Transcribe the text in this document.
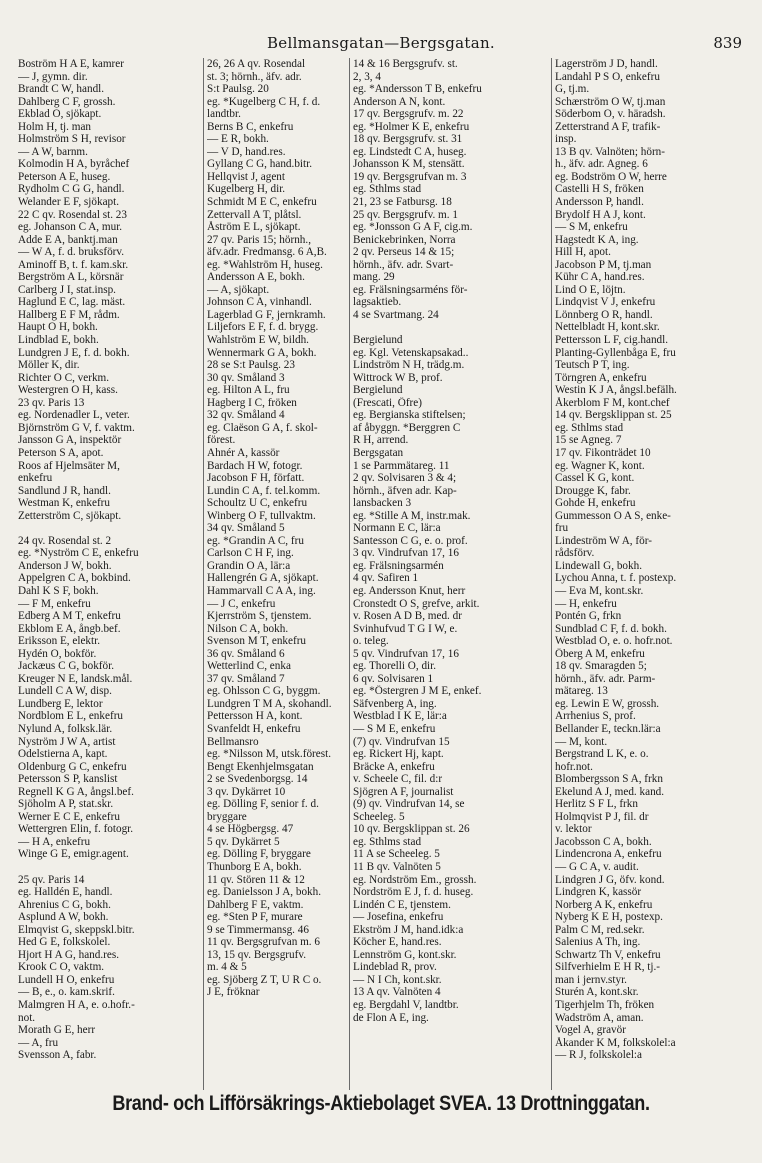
Bellmansgatan—Bergsgatan.	839
Boström H A E, kamrer
— J, gymn. dir.
Brandt C W, handl.
Dahlberg C F, grossh.
Ekblad O, sjökapt.
Holm H, tj. man
Holmström S H, revisor
— A W, barnm.
Kolmodin H A, byråchef
Peterson A E, huseg.
Rydholm C G G, handl.
Welander E F, sjökapt.
22 C qv. Rosendal st. 23
eg. Johanson C A, mur.
Adde E A, banktj.man
— W A, f. d. bruksförv.
Aminoff B, t. f. kam.skr.
Bergström A L, körsnär
Carlberg J I, stat.insp.
Haglund E C, lag. mäst.
Hallberg E F M, rådm.
Haupt O H, bokh.
Lindblad E, bokh.
Lundgren J E, f. d. bokh.
Möller K, dir.
Richter O C, verkm.
Westergren O H, kass.
23 qv. Paris 13
eg. Nordenadler L, veter.
Björnström G V, f. vaktm.
Jansson G A, inspektör
Peterson S A, apot.
Roos af Hjelmsäter M,
enkefru
Sandlund J R, handl.
Westman K, enkefru
Zetterström C, sjökapt.
24 qv. Rosendal st. 2
eg. *Nyström C E, enkefru
Anderson J W, bokh.
Appelgren C A, bokbind.
Dahl K S F, bokh.
— F M, enkefru
Edberg A M T, enkefru
Ekblom E A, ångb.bef.
Eriksson E, elektr.
Hydén O, bokför.
Jackæus C G, bokför.
Kreuger N E, landsk.mål.
Lundell C A W, disp.
Lundberg E, lektor
Nordblom E L, enkefru
Nylund A, folksk.lär.
Nyström J W A, artist
Odelstierna A, kapt.
Oldenburg G C, enkefru
Petersson S P, kanslist
Regnell K G A, ångsl.bef.
Sjöholm A P, stat.skr.
Werner E C E, enkefru
Wettergren Elin, f. fotogr.
— H A, enkefru
Winge G E, emigr.agent.
25 qv. Paris 14
eg. Halldén E, handl.
Ahrenius C G, bokh.
Asplund A W, bokh.
Elmqvist G, skeppskl.bitr.
Hed G E, folkskolel.
Hjort H A G, hand.res.
Krook C O, vaktm.
Lundell H O, enkefru
— B, e., o. kam.skrif.
Malmgren H A, e. o.hofr.-
not.
Morath G E, herr
— A, fru
Svensson A, fabr.
26, 26 A qv. Rosendal
st. 3; hörnh., äfv. adr.
S:t Paulsg. 20
eg. *Kugelberg C H, f. d.
landtbr.
Berns B C, enkefru
— E R, bokh.
— V D, hand.res.
Gyllang C G, hand.bitr.
Hellqvist J, agent
Kugelberg H, dir.
Schmidt M E C, enkefru
Zettervall A T, plåtsl.
Åström E L, sjökapt.
27 qv. Paris 15; hörnh.,
äfv.adr. Fredmansg. 6 A,B.
eg. *Wahlström H, huseg.
Andersson A E, bokh.
— A, sjökapt.
Johnson C A, vinhandl.
Lagerblad G F, jernkramh.
Liljefors E F, f. d. brygg.
Wahlström E W, bildh.
Wennermark G A, bokh.
28 se S:t Paulsg. 23
30 qv. Småland 3
eg. Hilton A L, fru
Hagberg I C, fröken
32 qv. Småland 4
eg. Claëson G A, f. skol-
förest.
Ahnér A, kassör
Bardach H W, fotogr.
Jacobson F H, författ.
Lundin C A, f. tel.komm.
Schoultz U C, enkefru
Winberg O F, tullvaktm.
34 qv. Småland 5
eg. *Grandin A C, fru
Carlson C H F, ing.
Grandin O A, lär:a
Hallengrén G A, sjökapt.
Hammarvall C A A, ing.
— J C, enkefru
Kjerrström S, tjenstem.
Nilson C A, bokh.
Svenson M T, enkefru
36 qv. Småland 6
Wetterlind C, enka
37 qv. Småland 7
eg. Ohlsson C G, byggm.
Lundgren T M A, skohandl.
Pettersson H A, kont.
Svanfeldt H, enkefru
Bellmansro
eg. *Nilsson M, utsk.förest.
Bengt Ekenhjelmsgatan
2 se Svedenborgsg. 14
3 qv. Dykärret 10
eg. Dölling F, senior f. d.
bryggare
4 se Högbergsg. 47
5 qv. Dykärret 5
eg. Dölling F, bryggare
Thunborg E A, bokh.
11 qv. Stören 11 & 12
eg. Danielsson J A, bokh.
Dahlberg F E, vaktm.
eg. *Sten P F, murare
9 se Timmermansg. 46
11 qv. Bergsgrufvan m. 6
13, 15 qv. Bergsgrufv.
m. 4 & 5
eg. Sjöberg Z T, U R C o.
J E, fröknar
14 & 16 Bergsgrufv. st.
2, 3, 4
eg. *Andersson T B, enkefru
Anderson A N, kont.
17 qv. Bergsgrufv. m. 22
eg. *Holmer K E, enkefru
18 qv. Bergsgrufv. st. 31
eg. Lindstedt C A, huseg.
Johansson K M, stensätt.
19 qv. Bergsgrufvan m. 3
eg. Sthlms stad
21, 23 se Fatbursg. 18
25 qv. Bergsgrufv. m. 1
eg. *Jonsson G A F, cig.m.
Benickebrinken, Norra
2 qv. Perseus 14 & 15;
hörnh., äfv. adr. Svart-
mang. 29
eg. Frälsningsarméns för-
lagsaktieb.
4 se Svartmang. 24
Bergielund
eg. Kgl. Vetenskapsakad..
Lindström N H, trädg.m.
Wittrock W B, prof.
Bergielund
(Frescati, Öfre)
eg. Bergianska stiftelsen;
af åbyggn. *Berggren C
R H, arrend.
Bergsgatan
1 se Parmmätareg. 11
2 qv. Solvisaren 3 & 4;
hörnh., äfven adr. Kap-
lansbacken 3
eg. *Stille A M, instr.mak.
Normann E C, lär:a
Santesson C G, e. o. prof.
3 qv. Vindrufvan 17, 16
eg. Frälsningsarmén
4 qv. Safiren 1
eg. Andersson Knut, herr
Cronstedt O S, grefve, arkit.
v. Rosen A D B, med. dr
Svinhufvud T G I W, e.
o. teleg.
5 qv. Vindrufvan 17, 16
eg. Thorelli O, dir.
6 qv. Solvisaren 1
eg. *Östergren J M E, enkef.
Säfvenberg A, ing.
Westblad I K E, lär:a
— S M E, enkefru
(7) qv. Vindrufvan 15
eg. Rickert Hj, kapt.
Bräcke A, enkefru
v. Scheele C, fil. d:r
Sjögren A F, journalist
(9) qv. Vindrufvan 14, se
Scheeleg. 5
10 qv. Bergsklippan st. 26
eg. Sthlms stad
11 A se Scheeleg. 5
11 B qv. Valnöten 5
eg. Nordström Em., grossh.
Nordström E J, f. d. huseg.
Lindén C E, tjenstem.
— Josefina, enkefru
Ekström J M, hand.idk:a
Köcher E, hand.res.
Lennström G, kont.skr.
Lindeblad R, prov.
— N I Ch, kont.skr.
13 A qv. Valnöten 4
eg. Bergdahl V, landtbr.
de Flon A E, ing.
Lagerström J D, handl.
Landahl P S O, enkefru
G, tj.m.
Schærström O W, tj.man
Söderbom O, v. häradsh.
Zetterstrand A F, trafik-
insp.
13 B qv. Valnöten; hörn-
h., äfv. adr. Agneg. 6
eg. Bodström O W, herre
Castelli H S, fröken
Andersson P, handl.
Brydolf H A J, kont.
— S M, enkefru
Hagstedt K A, ing.
Hill H, apot.
Jacobson P M, tj.man
Kühr C A, hand.res.
Lind O E, löjtn.
Lindqvist V J, enkefru
Lönnberg O R, handl.
Nettelbladt H, kont.skr.
Pettersson L F, cig.handl.
Planting-Gyllenbåga E, fru
Teutsch P T, ing.
Törngren A, enkefru
Westin K J A, ångsl.befälh.
Åkerblom F M, kont.chef
14 qv. Bergsklippan st. 25
eg. Sthlms stad
15 se Agneg. 7
17 qv. Fikonträdet 10
eg. Wagner K, kont.
Cassel K G, kont.
Drougge K, fabr.
Gohde H, enkefru
Gummesson O A S, enke-
fru
Lindeström W A, för-
rådsförv.
Lindewall G, bokh.
Lychou Anna, t. f. postexp.
— Eva M, kont.skr.
— H, enkefru
Pontén G, frkn
Sundblad C F, f. d. bokh.
Westblad O, e. o. hofr.not.
Öberg A M, enkefru
18 qv. Smaragden 5;
hörnh., äfv. adr. Parm-
mätareg. 13
eg. Lewin E W, grossh.
Arrhenius S, prof.
Bellander E, teckn.lär:a
— M, kont.
Bergstrand L K, e. o.
hofr.not.
Blombergsson S A, frkn
Ekelund A J, med. kand.
Herlitz S F L, frkn
Holmqvist P J, fil. dr
v. lektor
Jacobsson C A, bokh.
Lindencrona A, enkefru
— G C A, v. audit.
Lindgren J G, öfv. kond.
Lindgren K, kassör
Norberg A K, enkefru
Nyberg K E H, postexp.
Palm C M, red.sekr.
Salenius A Th, ing.
Schwartz Th V, enkefru
Silfverhielm E H R, tj.-
man i jernv.styr.
Sturén A, kont.skr.
Tigerhjelm Th, fröken
Wadström A, aman.
Vogel A, gravör
Åkander K M, folkskolel:a
— R J, folkskolel:a
Brand- och Lifförsäkrings-Aktiebolaget SVEA. 13 Drottninggatan.
